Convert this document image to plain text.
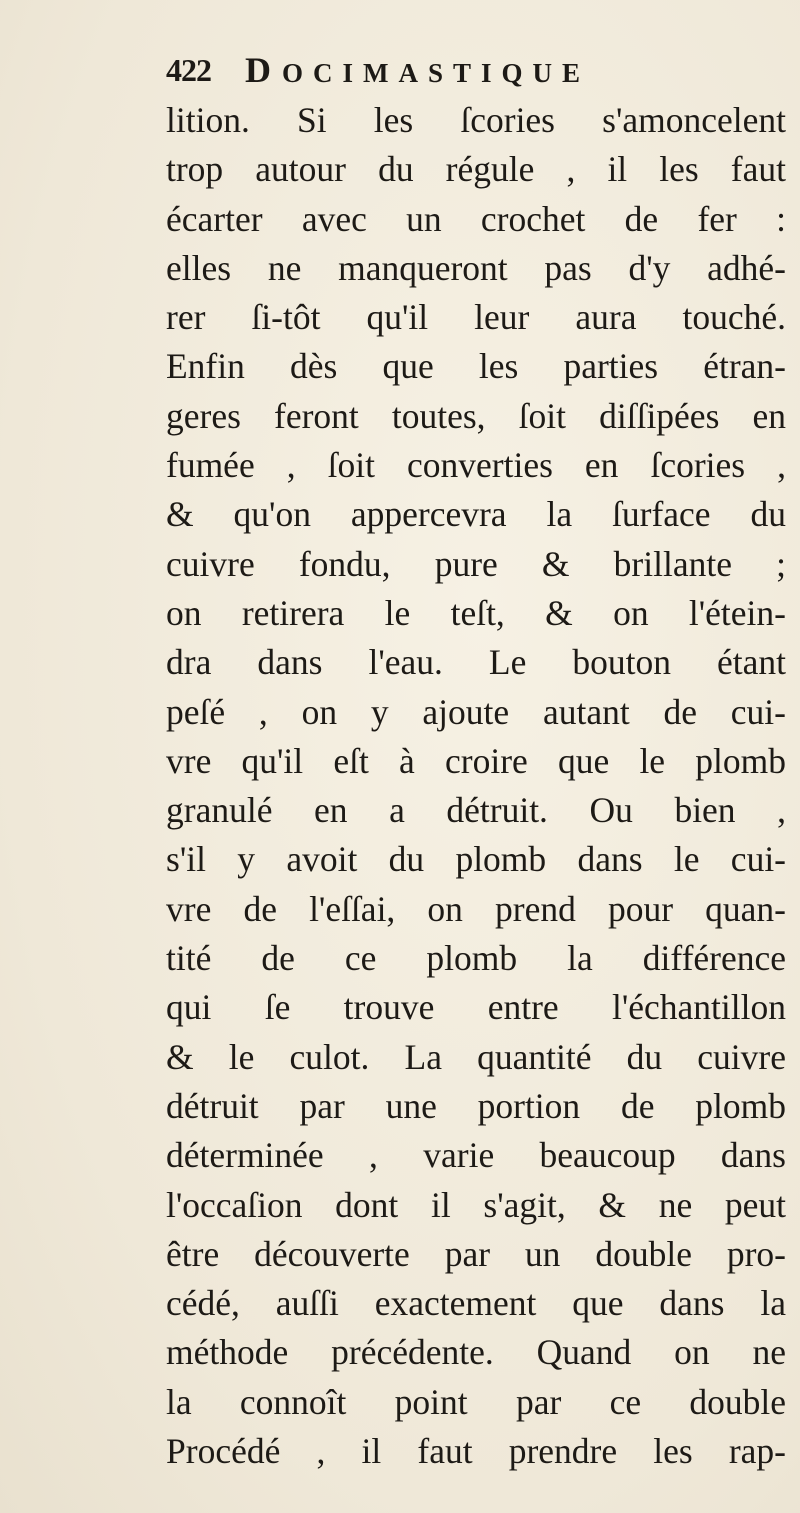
422 DOCIMASTIQUE
lition. Si les ſcories s'amoncelent
trop autour du régule , il les faut
écarter avec un crochet de fer :
elles ne manqueront pas d'y adhé-
rer ſi-tôt qu'il leur aura touché.
Enfin dès que les parties étran-
geres feront toutes, ſoit diſſipées en
fumée , ſoit converties en ſcories ,
& qu'on appercevra la ſurface du
cuivre fondu, pure & brillante ;
on retirera le teſt, & on l'étein-
dra dans l'eau. Le bouton étant
peſé , on y ajoute autant de cui-
vre qu'il eſt à croire que le plomb
granulé en a détruit. Ou bien ,
s'il y avoit du plomb dans le cui-
vre de l'eſſai, on prend pour quan-
tité de ce plomb la différence
qui ſe trouve entre l'échantillon
& le culot. La quantité du cuivre
détruit par une portion de plomb
déterminée , varie beaucoup dans
l'occaſion dont il s'agit, & ne peut
être découverte par un double pro-
cédé, auſſi exactement que dans la
méthode précédente. Quand on ne
la connoît point par ce double
Procédé , il faut prendre les rap-
